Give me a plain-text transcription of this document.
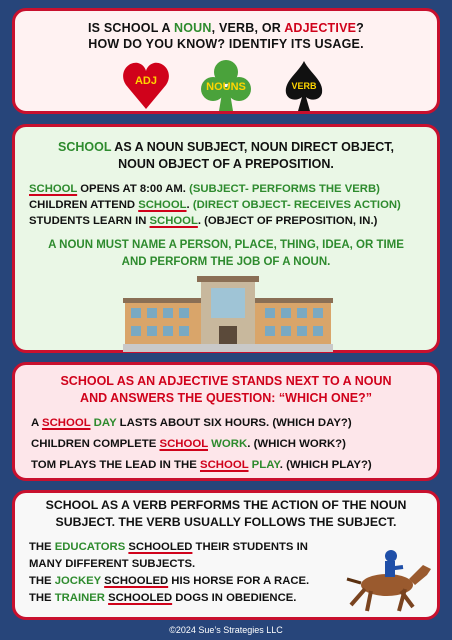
IS SCHOOL A NOUN, VERB, OR ADJECTIVE?
HOW DO YOU KNOW? IDENTIFY ITS USAGE.
ADJ	NOUNS	VERB
SCHOOL AS A NOUN SUBJECT, NOUN DIRECT OBJECT,
NOUN OBJECT OF A PREPOSITION.
SCHOOL OPENS AT 8:00 AM. (SUBJECT- PERFORMS THE VERB)
CHILDREN ATTEND SCHOOL. (DIRECT OBJECT- RECEIVES ACTION)
STUDENTS LEARN IN SCHOOL. (OBJECT OF PREPOSITION, IN.)
A NOUN MUST NAME A PERSON, PLACE, THING, IDEA, OR TIME
AND PERFORM THE JOB OF A NOUN.
SCHOOL AS AN ADJECTIVE STANDS NEXT TO A NOUN
AND ANSWERS THE QUESTION: “WHICH ONE?”
A SCHOOL DAY LASTS ABOUT SIX HOURS. (WHICH DAY?)
CHILDREN COMPLETE SCHOOL WORK. (WHICH WORK?)
TOM PLAYS THE LEAD IN THE SCHOOL PLAY. (WHICH PLAY?)
SCHOOL AS A VERB PERFORMS THE ACTION OF THE NOUN
SUBJECT. THE VERB USUALLY FOLLOWS THE SUBJECT.
THE EDUCATORS SCHOOLED THEIR STUDENTS IN
MANY DIFFERENT SUBJECTS.
THE JOCKEY SCHOOLED HIS HORSE FOR A RACE.
THE TRAINER SCHOOLED DOGS IN OBEDIENCE.
©2024 Sue’s Strategies LLC
